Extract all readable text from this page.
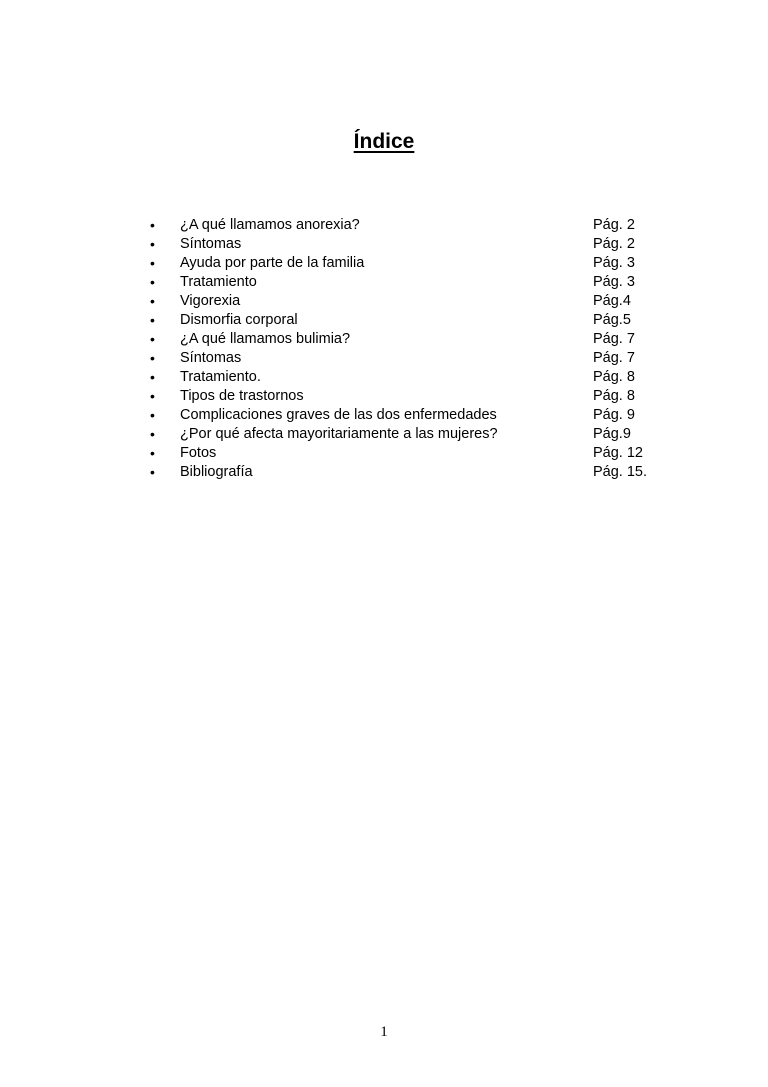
Índice
•	¿A qué llamamos anorexia?	Pág. 2
•	Síntomas	Pág. 2
•	Ayuda por parte de la familia	Pág. 3
•	Tratamiento	Pág. 3
•	Vigorexia	Pág.4
•	Dismorfia corporal	Pág.5
•	¿A qué llamamos bulimia?	Pág. 7
•	Síntomas	Pág. 7
•	Tratamiento.	Pág. 8
•	Tipos de trastornos	Pág. 8
•	Complicaciones graves de las dos enfermedades	Pág. 9
•	¿Por qué afecta mayoritariamente a las mujeres?	Pág.9
•	Fotos	Pág. 12
•	Bibliografía	Pág. 15.
1
